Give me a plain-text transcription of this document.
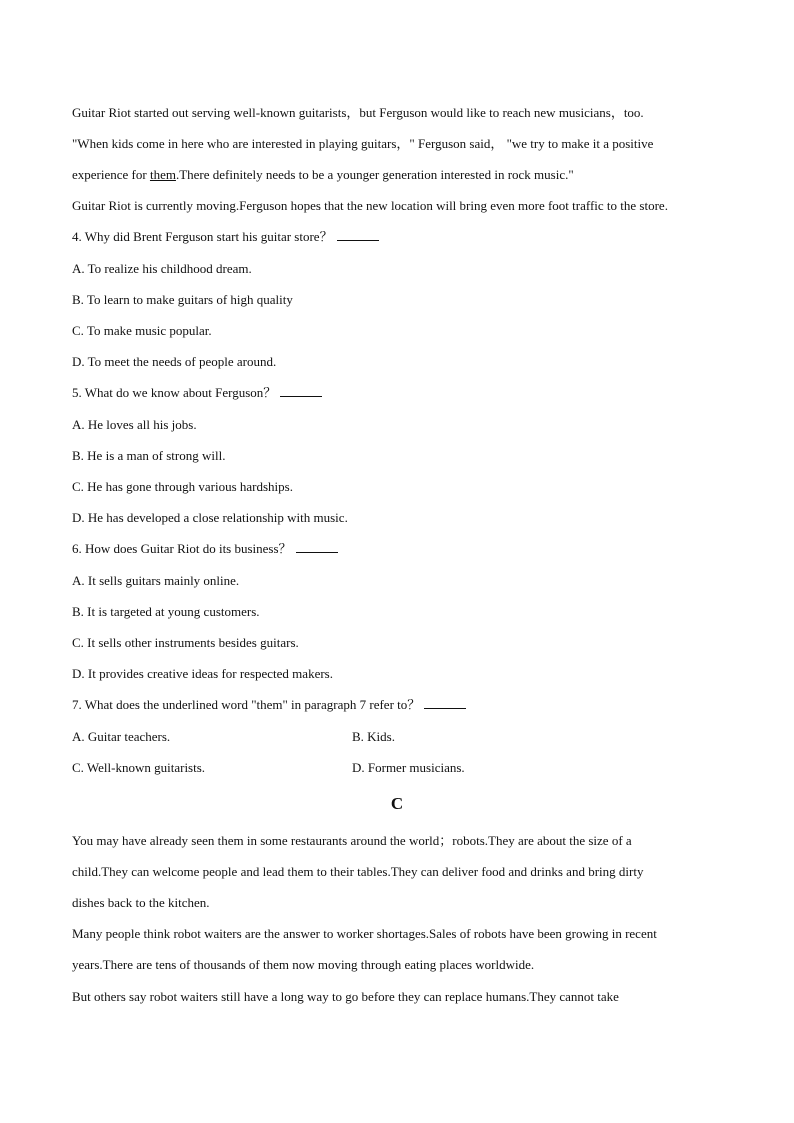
Guitar Riot started out serving well-known guitarists，but Ferguson would like to reach new musicians，too.
"When kids come in here who are interested in playing guitars，" Ferguson said， "we try to make it a positive
experience for them.There definitely needs to be a younger generation interested in rock music."
Guitar Riot is currently moving.Ferguson hopes that the new location will bring even more foot traffic to the store.
4. Why did Brent Ferguson start his guitar store？
A. To realize his childhood dream.
B. To learn to make guitars of high quality
C. To make music popular.
D. To meet the needs of people around.
5. What do we know about Ferguson？
A. He loves all his jobs.
B. He is a man of strong will.
C. He has gone through various hardships.
D. He has developed a close relationship with music.
6. How does Guitar Riot do its business？
A. It sells guitars mainly online.
B. It is targeted at young customers.
C. It sells other instruments besides guitars.
D. It provides creative ideas for respected makers.
7. What does the underlined word "them" in paragraph 7 refer to？
A. Guitar teachers.	B. Kids.
C. Well-known guitarists.	D. Former musicians.
C
You may have already seen them in some restaurants around the world；robots.They are about the size of a
child.They can welcome people and lead them to their tables.They can deliver food and drinks and bring dirty
dishes back to the kitchen.
Many people think robot waiters are the answer to worker shortages.Sales of robots have been growing in recent
years.There are tens of thousands of them now moving through eating places worldwide.
But others say robot waiters still have a long way to go before they can replace humans.They cannot take
